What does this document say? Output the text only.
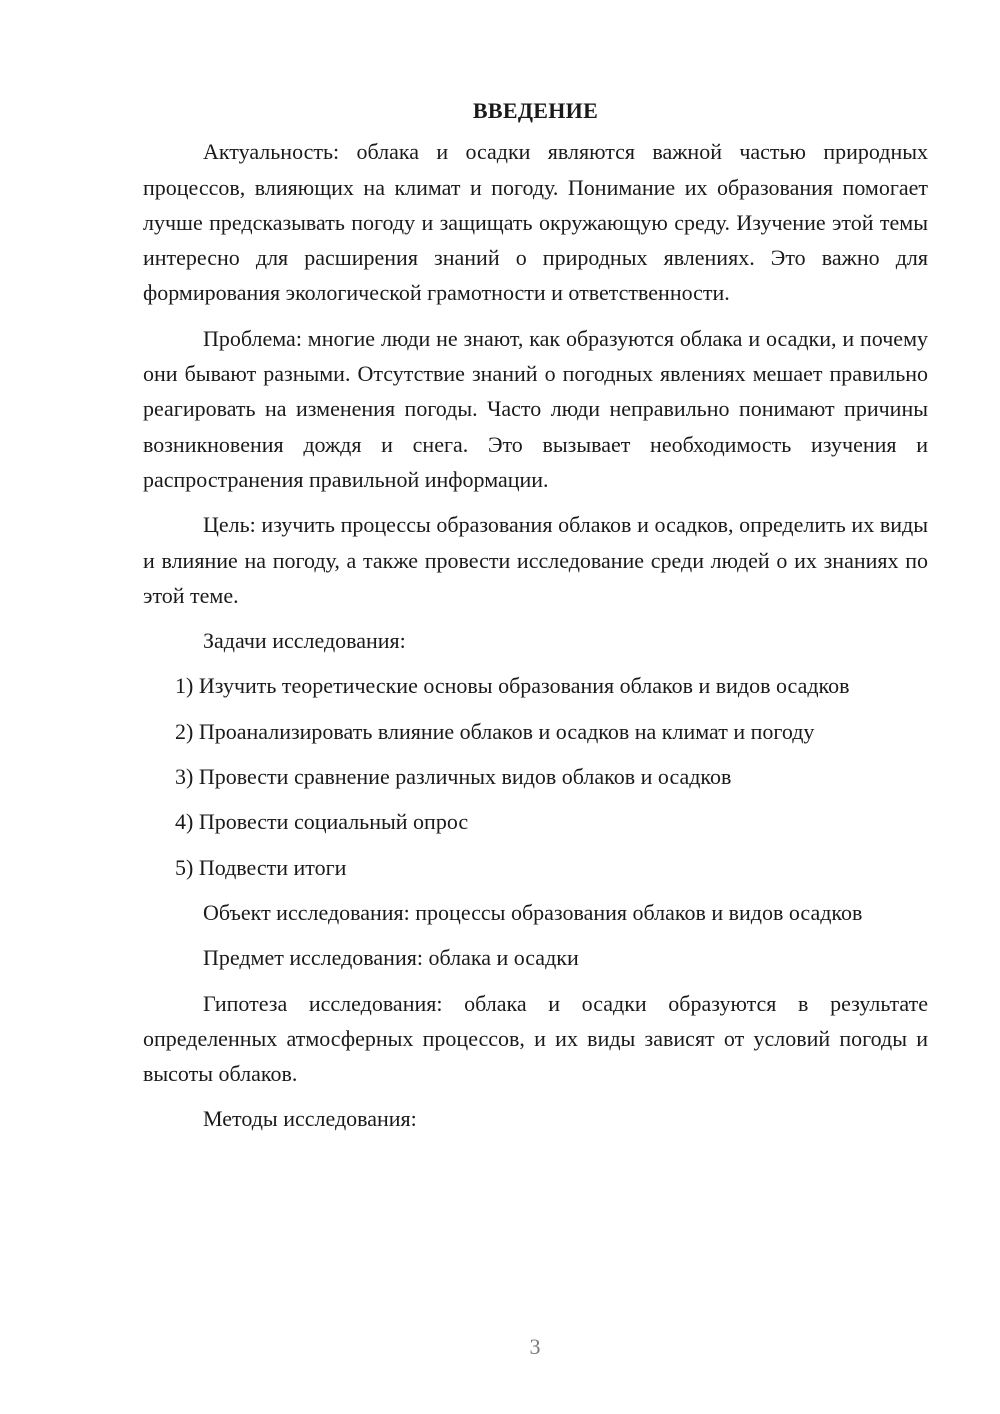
ВВЕДЕНИЕ

Актуальность: облака и осадки являются важной частью природных процессов, влияющих на климат и погоду. Понимание их образования помогает лучше предсказывать погоду и защищать окружающую среду. Изучение этой темы интересно для расширения знаний о природных явлениях. Это важно для формирования экологической грамотности и ответственности.

Проблема: многие люди не знают, как образуются облака и осадки, и почему они бывают разными. Отсутствие знаний о погодных явлениях мешает правильно реагировать на изменения погоды. Часто люди неправильно понимают причины возникновения дождя и снега. Это вызывает необходимость изучения и распространения правильной информации.

Цель: изучить процессы образования облаков и осадков, определить их виды и влияние на погоду, а также провести исследование среди людей о их знаниях по этой теме.

Задачи исследования:

1) Изучить теоретические основы образования облаков и видов осадков

2) Проанализировать влияние облаков и осадков на климат и погоду

3) Провести сравнение различных видов облаков и осадков

4) Провести социальный опрос

5) Подвести итоги

Объект исследования: процессы образования облаков и видов осадков

Предмет исследования: облака и осадки

Гипотеза исследования: облака и осадки образуются в результате определенных атмосферных процессов, и их виды зависят от условий погоды и высоты облаков.

Методы исследования:

3
